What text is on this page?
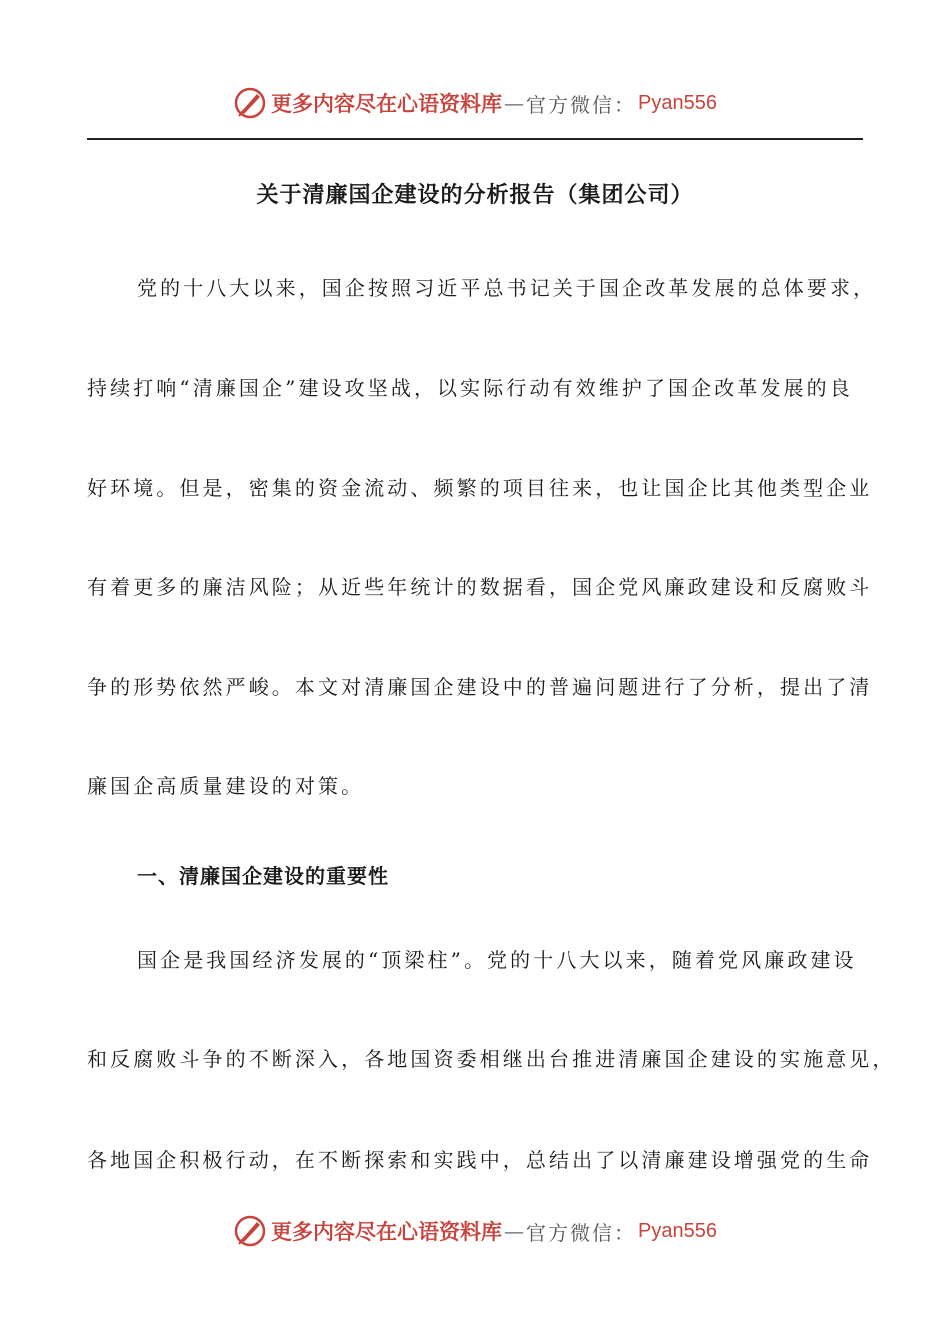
更多内容尽在心语资料库 — 官方微信： Pyan556
关于清廉国企建设的分析报告（集团公司）
党的十八大以来，国企按照习近平总书记关于国企改革发展的总体要求，
持续打响“清廉国企”建设攻坚战，以实际行动有效维护了国企改革发展的良
好环境。但是，密集的资金流动、频繁的项目往来，也让国企比其他类型企业
有着更多的廉洁风险；从近些年统计的数据看，国企党风廉政建设和反腐败斗
争的形势依然严峻。本文对清廉国企建设中的普遍问题进行了分析，提出了清
廉国企高质量建设的对策。
一、清廉国企建设的重要性
国企是我国经济发展的“顶梁柱”。党的十八大以来，随着党风廉政建设
和反腐败斗争的不断深入，各地国资委相继出台推进清廉国企建设的实施意见，
各地国企积极行动，在不断探索和实践中，总结出了以清廉建设增强党的生命
更多内容尽在心语资料库 — 官方微信： Pyan556
